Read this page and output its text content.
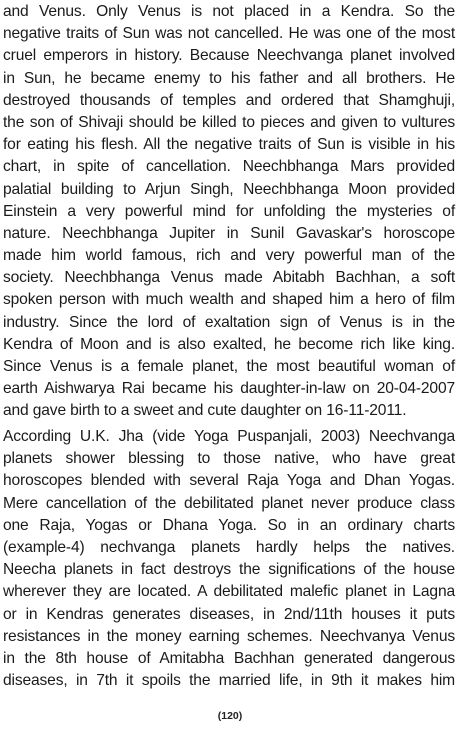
and Venus. Only Venus is not placed in a Kendra. So the
negative traits of Sun was not cancelled. He was one of the most
cruel emperors in history. Because Neechvanga planet involved
in Sun, he became enemy to his father and all brothers. He
destroyed thousands of temples and ordered that Shamghuji,
the son of Shivaji should be killed to pieces and given to vultures
for eating his flesh. All the negative traits of Sun is visible in his
chart, in spite of cancellation. Neechbhanga Mars provided
palatial building to Arjun Singh, Neechbhanga Moon provided
Einstein a very powerful mind for unfolding the mysteries of
nature. Neechbhanga Jupiter in Sunil Gavaskar's horoscope
made him world famous, rich and very powerful man of the
society. Neechbhanga Venus made Abitabh Bachhan, a soft
spoken person with much wealth and shaped him a hero of film
industry. Since the lord of exaltation sign of Venus is in the
Kendra of Moon and is also exalted, he become rich like king.
Since Venus is a female planet, the most beautiful woman of
earth Aishwarya Rai became his daughter-in-law on 20-04-2007
and gave birth to a sweet and cute daughter on 16-11-2011.
According U.K. Jha (vide Yoga Puspanjali, 2003) Neechvanga
planets shower blessing to those native, who have great
horoscopes blended with several Raja Yoga and Dhan Yogas.
Mere cancellation of the debilitated planet never produce class
one Raja, Yogas or Dhana Yoga. So in an ordinary charts
(example-4) nechvanga planets hardly helps the natives.
Neecha planets in fact destroys the significations of the house
wherever they are located. A debilitated malefic planet in Lagna
or in Kendras generates diseases, in 2nd/11th houses it puts
resistances in the money earning schemes. Neechvanya Venus
in the 8th house of Amitabha Bachhan generated dangerous
diseases, in 7th it spoils the married life, in 9th it makes him
(120)
